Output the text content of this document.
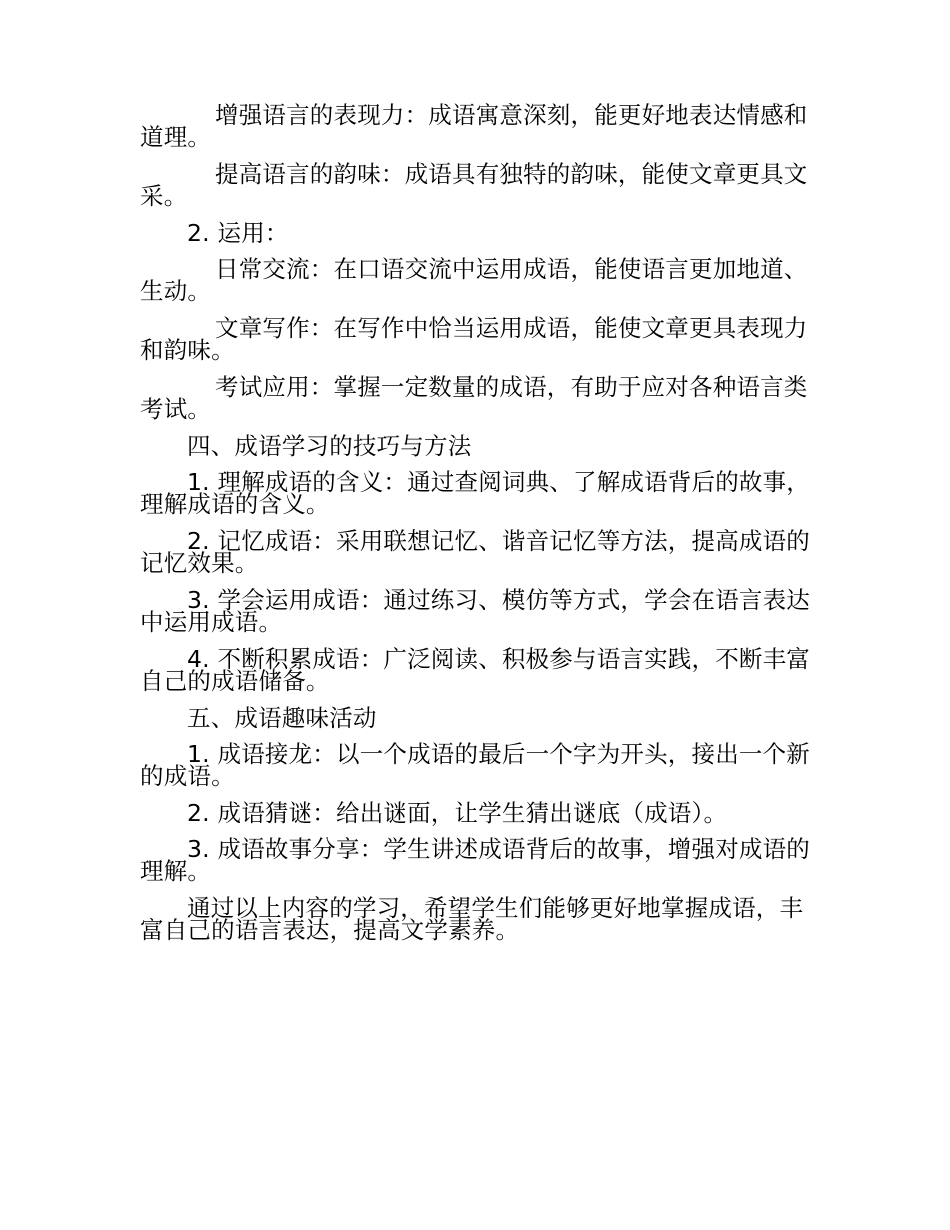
增强语言的表现力：成语寓意深刻，能更好地表达情感和道理。

提高语言的韵味：成语具有独特的韵味，能使文章更具文采。

2. 运用：

日常交流：在口语交流中运用成语，能使语言更加地道、生动。

文章写作：在写作中恰当运用成语，能使文章更具表现力和韵味。

考试应用：掌握一定数量的成语，有助于应对各种语言类考试。

四、成语学习的技巧与方法

1. 理解成语的含义：通过查阅词典、了解成语背后的故事，理解成语的含义。

2. 记忆成语：采用联想记忆、谐音记忆等方法，提高成语的记忆效果。

3. 学会运用成语：通过练习、模仿等方式，学会在语言表达中运用成语。

4. 不断积累成语：广泛阅读、积极参与语言实践，不断丰富自己的成语储备。

五、成语趣味活动

1. 成语接龙：以一个成语的最后一个字为开头，接出一个新的成语。

2. 成语猜谜：给出谜面，让学生猜出谜底（成语）。

3. 成语故事分享：学生讲述成语背后的故事，增强对成语的理解。

通过以上内容的学习，希望学生们能够更好地掌握成语，丰富自己的语言表达，提高文学素养。
